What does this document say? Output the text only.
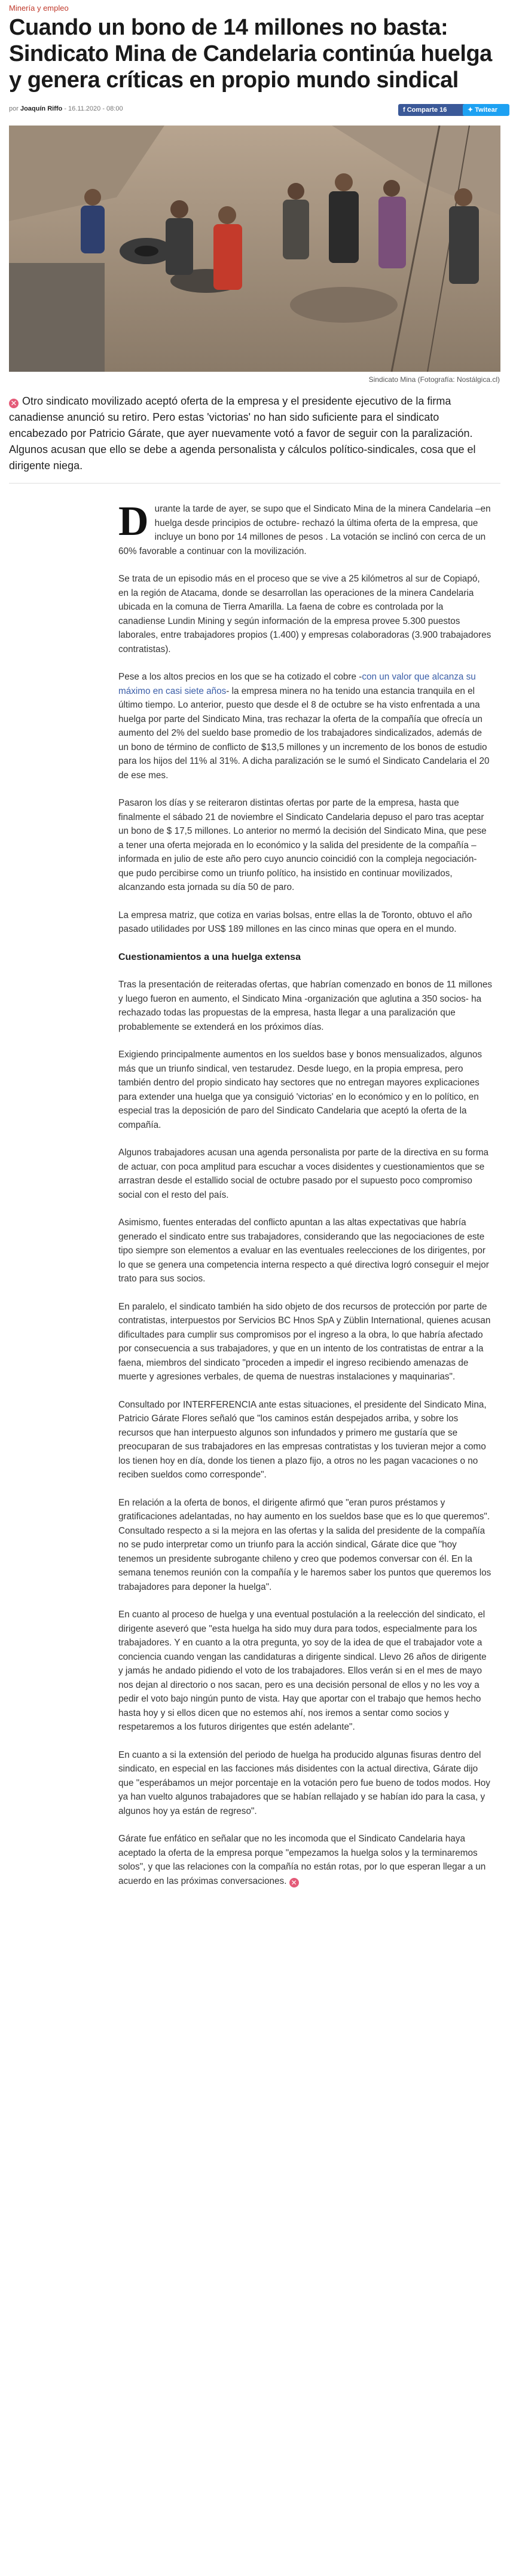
Minería y empleo
Cuando un bono de 14 millones no basta: Sindicato Mina de Candelaria continúa huelga y genera críticas en propio mundo sindical
por Joaquín Riffo - 16.11.2020 - 08:00	f Comparte 16	✦ Twitear
Sindicato Mina (Fotografía: Nostálgica.cl)
✕ Otro sindicato movilizado aceptó oferta de la empresa y el presidente ejecutivo de la firma canadiense anunció su retiro. Pero estas 'victorias' no han sido suficiente para el sindicato encabezado por Patricio Gárate, que ayer nuevamente votó a favor de seguir con la paralización. Algunos acusan que ello se debe a agenda personalista y cálculos político-sindicales, cosa que el dirigente niega.

Durante la tarde de ayer, se supo que el Sindicato Mina de la minera Candelaria –en huelga desde principios de octubre- rechazó la última oferta de la empresa, que incluye un bono por 14 millones de pesos . La votación se inclinó con cerca de un 60% favorable a continuar con la movilización.

Se trata de un episodio más en el proceso que se vive a 25 kilómetros al sur de Copiapó, en la región de Atacama, donde se desarrollan las operaciones de la minera Candelaria ubicada en la comuna de Tierra Amarilla. La faena de cobre es controlada por la canadiense Lundin Mining y según información de la empresa provee 5.300 puestos laborales, entre trabajadores propios (1.400) y empresas colaboradoras (3.900 trabajadores contratistas).

Pese a los altos precios en los que se ha cotizado el cobre -con un valor que alcanza su máximo en casi siete años- la empresa minera no ha tenido una estancia tranquila en el último tiempo. Lo anterior, puesto que desde el 8 de octubre se ha visto enfrentada a una huelga por parte del Sindicato Mina, tras rechazar la oferta de la compañía que ofrecía un aumento del 2% del sueldo base promedio de los trabajadores sindicalizados, además de un bono de término de conflicto de $13,5 millones y un incremento de los bonos de estudio para los hijos del 11% al 31%. A dicha paralización se le sumó el Sindicato Candelaria el 20 de ese mes.

Pasaron los días y se reiteraron distintas ofertas por parte de la empresa, hasta que finalmente el sábado 21 de noviembre el Sindicato Candelaria depuso el paro tras aceptar un bono de $ 17,5 millones. Lo anterior no mermó la decisión del Sindicato Mina, que pese a tener una oferta mejorada en lo económico y la salida del presidente de la compañía –informada en julio de este año pero cuyo anuncio coincidió con la compleja negociación- que pudo percibirse como un triunfo político, ha insistido en continuar movilizados, alcanzando esta jornada su día 50 de paro.

La empresa matriz, que cotiza en varias bolsas, entre ellas la de Toronto, obtuvo el año pasado utilidades por US$ 189 millones en las cinco minas que opera en el mundo.

Cuestionamientos a una huelga extensa

Tras la presentación de reiteradas ofertas, que habrían comenzado en bonos de 11 millones y luego fueron en aumento, el Sindicato Mina -organización que aglutina a 350 socios- ha rechazado todas las propuestas de la empresa, hasta llegar a una paralización que probablemente se extenderá en los próximos días.

Exigiendo principalmente aumentos en los sueldos base y bonos mensualizados, algunos más que un triunfo sindical, ven testarudez. Desde luego, en la propia empresa, pero también dentro del propio sindicato hay sectores que no entregan mayores explicaciones para extender una huelga que ya consiguió 'victorias' en lo económico y en lo político, en especial tras la deposición de paro del Sindicato Candelaria que aceptó la oferta de la compañía.

Algunos trabajadores acusan una agenda personalista por parte de la directiva en su forma de actuar, con poca amplitud para escuchar a voces disidentes y cuestionamientos que se arrastran desde el estallido social de octubre pasado por el supuesto poco compromiso social con el resto del país.

Asimismo, fuentes enteradas del conflicto apuntan a las altas expectativas que habría generado el sindicato entre sus trabajadores, considerando que las negociaciones de este tipo siempre son elementos a evaluar en las eventuales reelecciones de los dirigentes, por lo que se genera una competencia interna respecto a qué directiva logró conseguir el mejor trato para sus socios.

En paralelo, el sindicato también ha sido objeto de dos recursos de protección por parte de contratistas, interpuestos por Servicios BC Hnos SpA y Züblin International, quienes acusan dificultades para cumplir sus compromisos por el ingreso a la obra, lo que habría afectado por consecuencia a sus trabajadores, y que en un intento de los contratistas de entrar a la faena, miembros del sindicato "proceden a impedir el ingreso recibiendo amenazas de muerte y agresiones verbales, de quema de nuestras instalaciones y maquinarias".

Consultado por INTERFERENCIA ante estas situaciones, el presidente del Sindicato Mina, Patricio Gárate Flores señaló que "los caminos están despejados arriba, y sobre los recursos que han interpuesto algunos son infundados y primero me gustaría que se preocuparan de sus trabajadores en las empresas contratistas y los tuvieran mejor a como los tienen hoy en día, donde los tienen a plazo fijo, a otros no les pagan vacaciones o no reciben sueldos como corresponde".

En relación a la oferta de bonos, el dirigente afirmó que "eran puros préstamos y gratificaciones adelantadas, no hay aumento en los sueldos base que es lo que queremos". Consultado respecto a si la mejora en las ofertas y la salida del presidente de la compañía no se pudo interpretar como un triunfo para la acción sindical, Gárate dice que "hoy tenemos un presidente subrogante chileno y creo que podemos conversar con él. En la semana tenemos reunión con la compañía y le haremos saber los puntos que queremos los trabajadores para deponer la huelga".

En cuanto al proceso de huelga y una eventual postulación a la reelección del sindicato, el dirigente aseveró que "esta huelga ha sido muy dura para todos, especialmente para los trabajadores. Y en cuanto a la otra pregunta, yo soy de la idea de que el trabajador vote a conciencia cuando vengan las candidaturas a dirigente sindical. Llevo 26 años de dirigente y jamás he andado pidiendo el voto de los trabajadores. Ellos verán si en el mes de mayo nos dejan al directorio o nos sacan, pero es una decisión personal de ellos y no les voy a pedir el voto bajo ningún punto de vista. Hay que aportar con el trabajo que hemos hecho hasta hoy y si ellos dicen que no estemos ahí, nos iremos a sentar como socios y respetaremos a los futuros dirigentes que estén adelante".

En cuanto a si la extensión del periodo de huelga ha producido algunas fisuras dentro del sindicato, en especial en las facciones más disidentes con la actual directiva, Gárate dijo que "esperábamos un mejor porcentaje en la votación pero fue bueno de todos modos. Hoy ya han vuelto algunos trabajadores que se habían rellajado y se habían ido para la casa, y algunos hoy ya están de regreso".

Gárate fue enfático en señalar que no les incomoda que el Sindicato Candelaria haya aceptado la oferta de la empresa porque "empezamos la huelga solos y la terminaremos solos", y que las relaciones con la compañía no están rotas, por lo que esperan llegar a un acuerdo en las próximas conversaciones. ✕
